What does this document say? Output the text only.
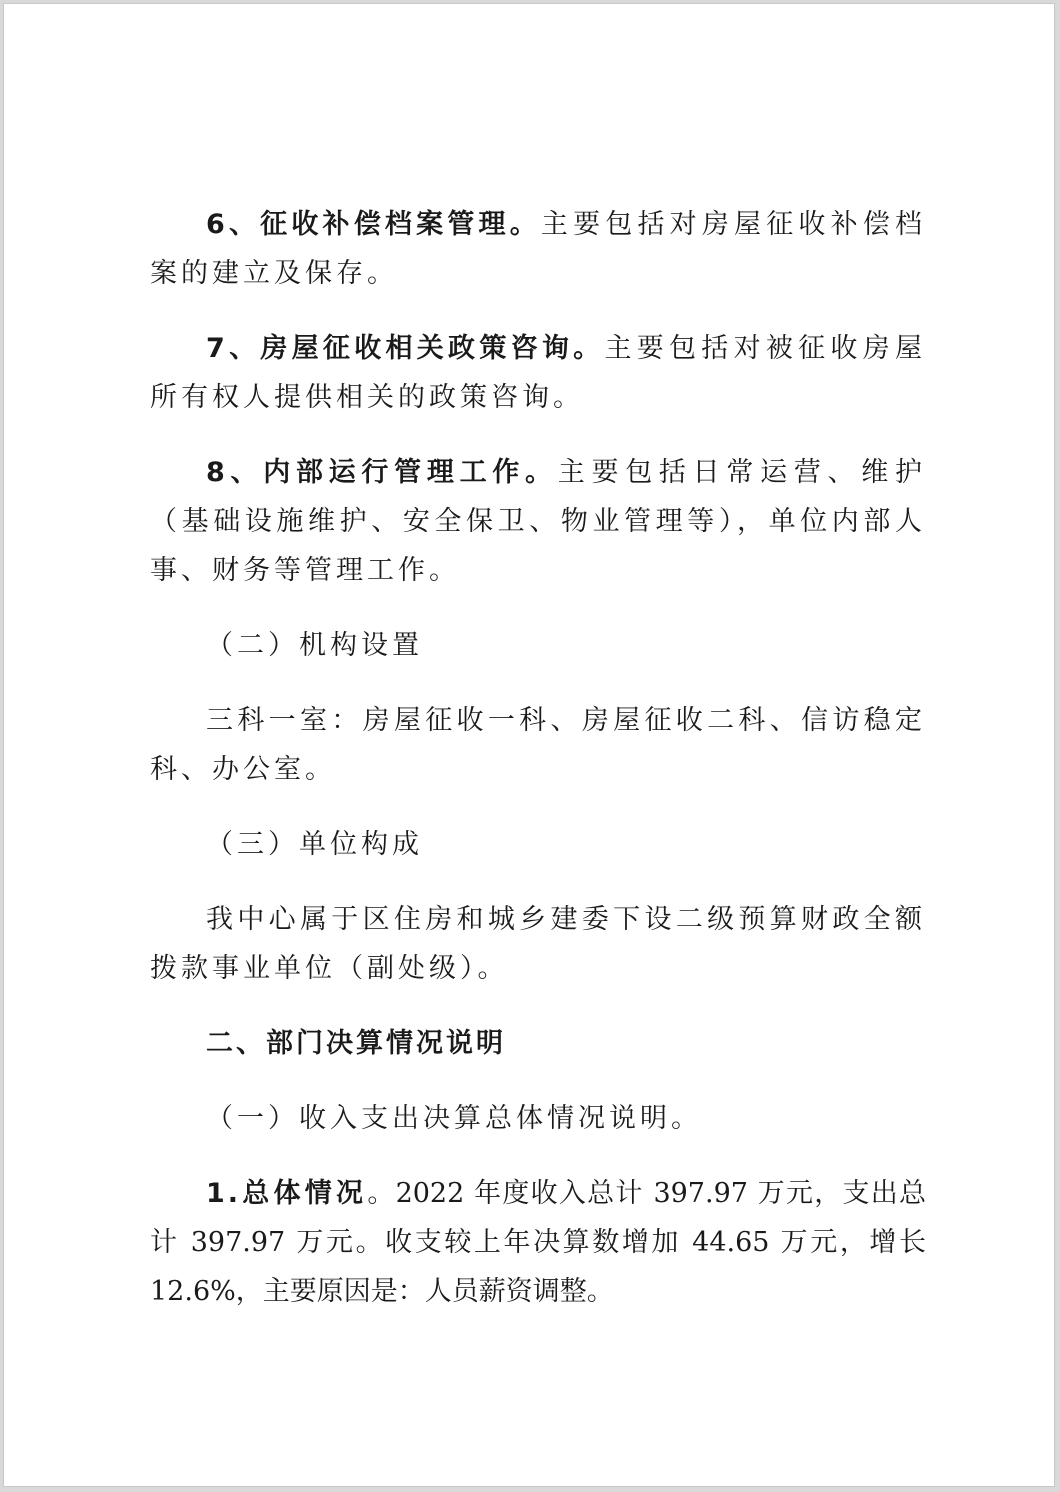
6、征收补偿档案管理。主要包括对房屋征收补偿档案的建立及保存。

7、房屋征收相关政策咨询。主要包括对被征收房屋所有权人提供相关的政策咨询。

8、内部运行管理工作。主要包括日常运营、维护（基础设施维护、安全保卫、物业管理等），单位内部人事、财务等管理工作。

（二）机构设置

三科一室：房屋征收一科、房屋征收二科、信访稳定科、办公室。

（三）单位构成

我中心属于区住房和城乡建委下设二级预算财政全额拨款事业单位（副处级）。

二、部门决算情况说明

（一）收入支出决算总体情况说明。

1.总体情况。2022 年度收入总计 397.97 万元，支出总计 397.97 万元。收支较上年决算数增加 44.65 万元，增长 12.6%，主要原因是：人员薪资调整。
